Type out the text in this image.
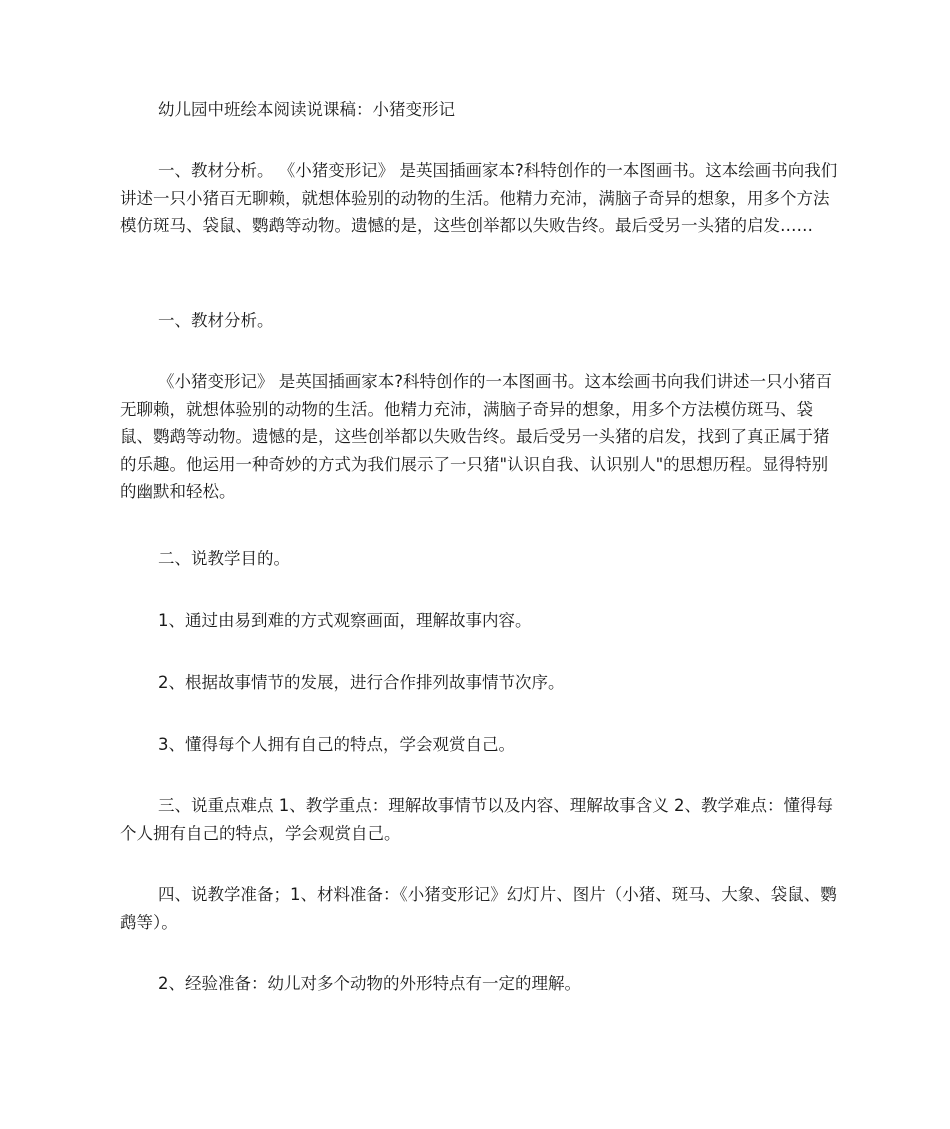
幼儿园中班绘本阅读说课稿：小猪变形记

一、教材分析。 《小猪变形记》 是英国插画家本?科特创作的一本图画书。这本绘画书向我们讲述一只小猪百无聊赖，就想体验别的动物的生活。他精力充沛，满脑子奇异的想象，用多个方法模仿斑马、袋鼠、鹦鹉等动物。遗憾的是，这些创举都以失败告终。最后受另一头猪的启发……

一、教材分析。

《小猪变形记》 是英国插画家本?科特创作的一本图画书。这本绘画书向我们讲述一只小猪百无聊赖，就想体验别的动物的生活。他精力充沛，满脑子奇异的想象，用多个方法模仿斑马、袋鼠、鹦鹉等动物。遗憾的是，这些创举都以失败告终。最后受另一头猪的启发，找到了真正属于猪的乐趣。他运用一种奇妙的方式为我们展示了一只猪"认识自我、认识别人"的思想历程。显得特别的幽默和轻松。

二、说教学目的。

1、通过由易到难的方式观察画面，理解故事内容。

2、根据故事情节的发展，进行合作排列故事情节次序。

3、懂得每个人拥有自己的特点，学会观赏自己。

三、说重点难点 1、教学重点：理解故事情节以及内容、理解故事含义 2、教学难点：懂得每个人拥有自己的特点，学会观赏自己。

四、说教学准备；1、材料准备：《小猪变形记》幻灯片、图片（小猪、斑马、大象、袋鼠、鹦鹉等）。

2、经验准备：幼儿对多个动物的外形特点有一定的理解。
